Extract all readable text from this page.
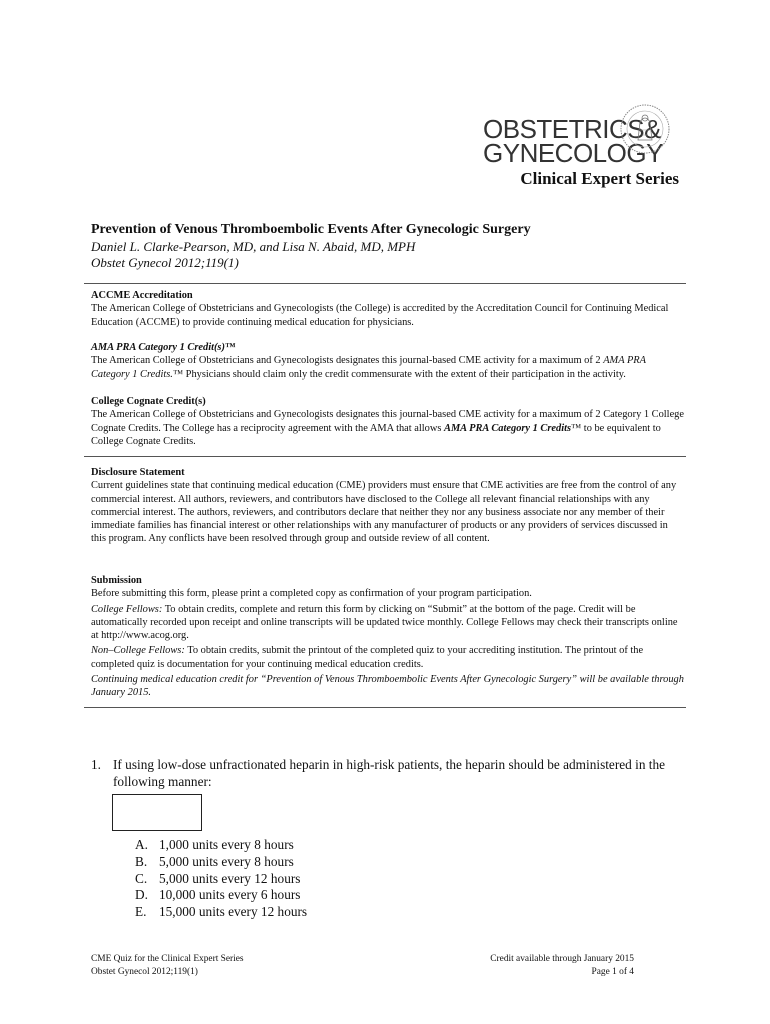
OBSTETRICS&
GYNECOLOGY
Clinical Expert Series
Prevention of Venous Thromboembolic Events After Gynecologic Surgery
Daniel L. Clarke-Pearson, MD, and Lisa N. Abaid, MD, MPH
Obstet Gynecol 2012;119(1)

ACCME Accreditation

The American College of Obstetricians and Gynecologists (the College) is accredited by the Accreditation Council for Continuing Medical Education (ACCME) to provide continuing medical education for physicians.

AMA PRA Category 1 Credit(s)™

The American College of Obstetricians and Gynecologists designates this journal-based CME activity for a maximum of 2 AMA PRA Category 1 Credits.™ Physicians should claim only the credit commensurate with the extent of their participation in the activity.

College Cognate Credit(s)

The American College of Obstetricians and Gynecologists designates this journal-based CME activity for a maximum of 2 Category 1 College Cognate Credits. The College has a reciprocity agreement with the AMA that allows AMA PRA Category 1 Credits™ to be equivalent to College Cognate Credits.

Disclosure Statement

Current guidelines state that continuing medical education (CME) providers must ensure that CME activities are free from the control of any commercial interest. All authors, reviewers, and contributors have disclosed to the College all relevant financial relationships with any commercial interest. The authors, reviewers, and contributors declare that neither they nor any business associate nor any member of their immediate families has financial interest or other relationships with any manufacturer of products or any providers of services discussed in this program. Any conflicts have been resolved through group and outside review of all content.

Submission

Before submitting this form, please print a completed copy as confirmation of your program participation.

College Fellows: To obtain credits, complete and return this form by clicking on “Submit” at the bottom of the page. Credit will be automatically recorded upon receipt and online transcripts will be updated twice monthly. College Fellows may check their transcripts online at http://www.acog.org.

Non–College Fellows: To obtain credits, submit the printout of the completed quiz to your accrediting institution. The printout of the completed quiz is documentation for your continuing medical education credits.

Continuing medical education credit for “Prevention of Venous Thromboembolic Events After Gynecologic Surgery” will be available through January 2015.

1. If using low-dose unfractionated heparin in high-risk patients, the heparin should be administered in the following manner:
A. 1,000 units every 8 hours
B. 5,000 units every 8 hours
C. 5,000 units every 12 hours
D. 10,000 units every 6 hours
E. 15,000 units every 12 hours
CME Quiz for the Clinical Expert Series
Obstet Gynecol 2012;119(1)
Credit available through January 2015
Page 1 of 4
